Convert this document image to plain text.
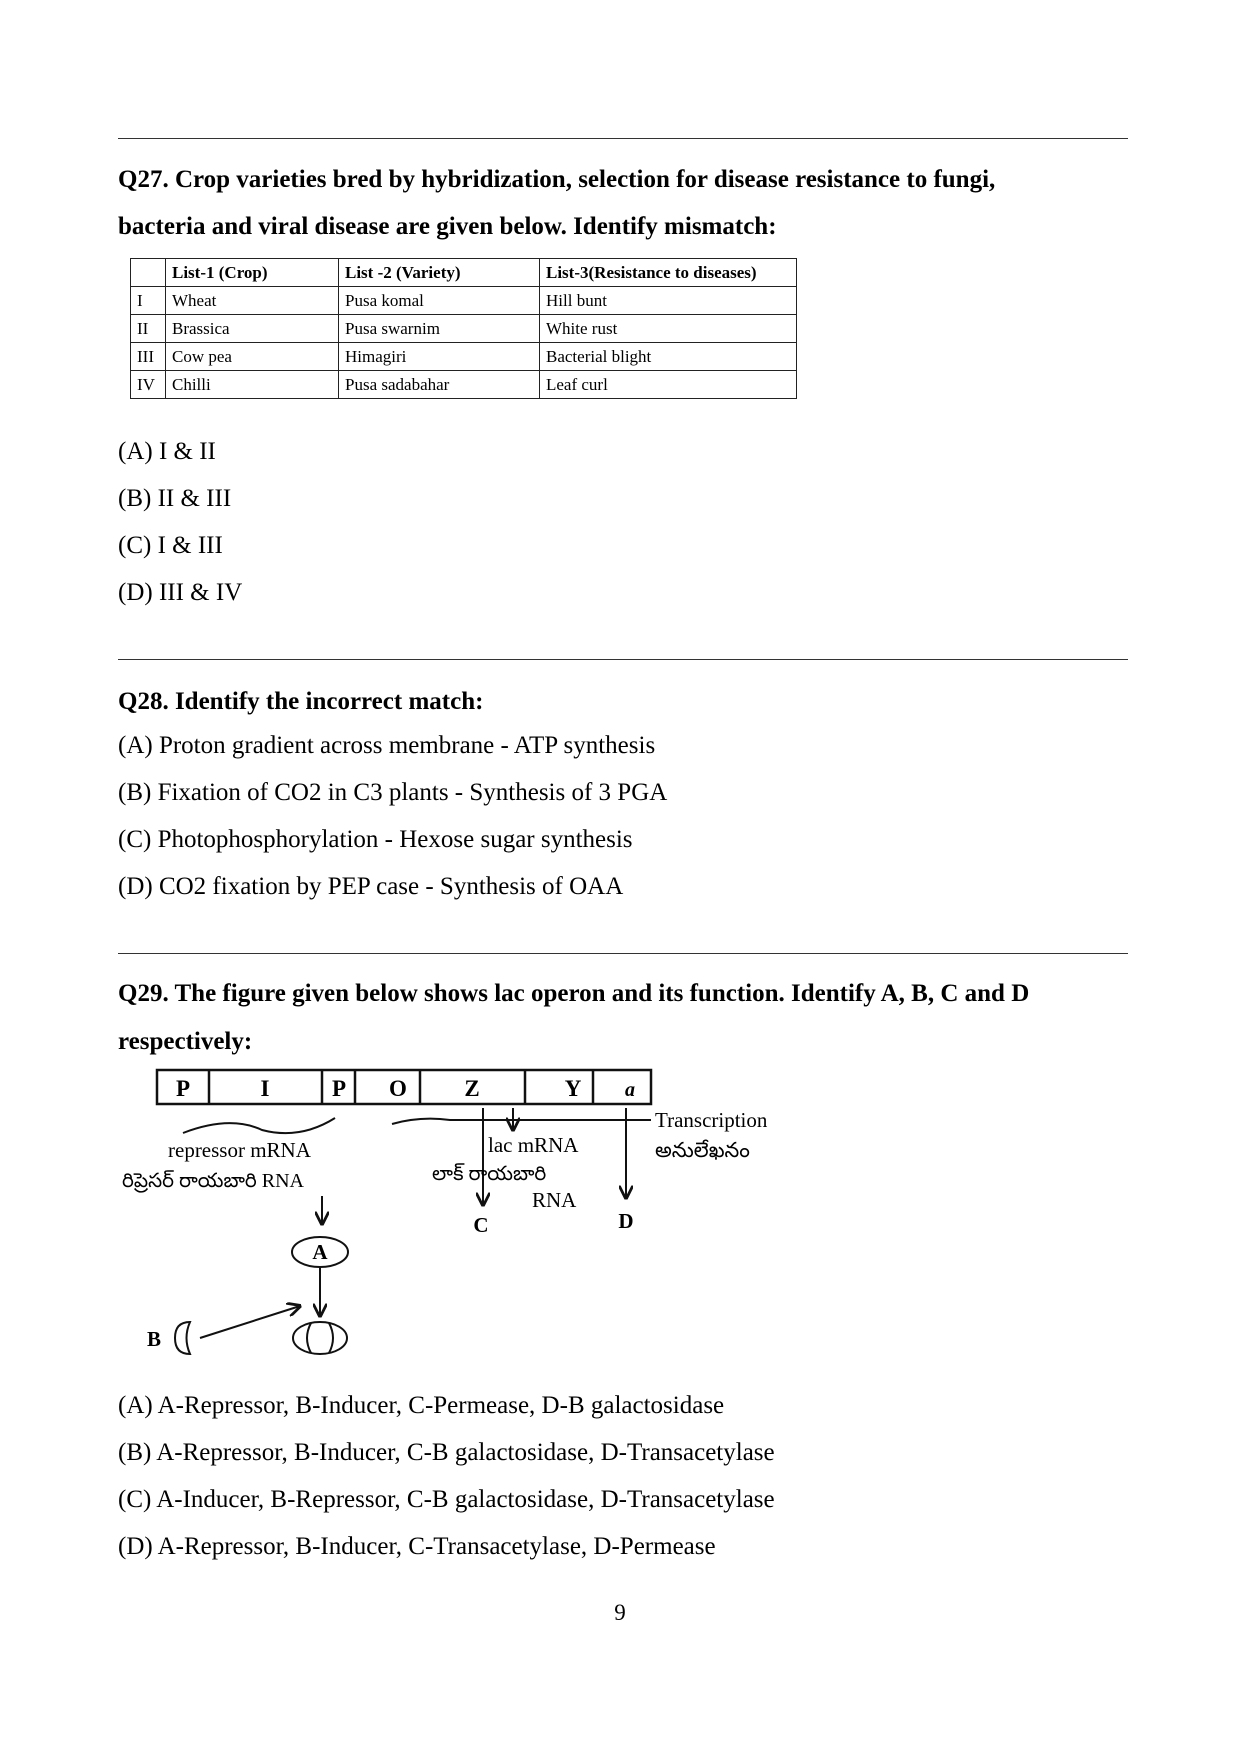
Q27. Crop varieties bred by hybridization, selection for disease resistance to fungi,
bacteria and viral disease are given below. Identify mismatch:
	List-1 (Crop)	List -2 (Variety)	List-3(Resistance to diseases)
I	Wheat	Pusa komal	Hill bunt
II	Brassica	Pusa swarnim	White rust
III	Cow pea	Himagiri	Bacterial blight
IV	Chilli	Pusa sadabahar	Leaf curl
(A) I & II
(B) II & III
(C) I & III
(D) III & IV
Q28. Identify the incorrect match:
(A) Proton gradient across membrane - ATP synthesis
(B) Fixation of CO2 in C3 plants - Synthesis of 3 PGA
(C) Photophosphorylation - Hexose sugar synthesis
(D) CO2 fixation by PEP case - Synthesis of OAA
Q29. The figure given below shows lac operon and its function. Identify A, B, C and D
respectively:
P	I	P O Z	Y a
Transcription
అనులేఖనం
repressor mRNA
రిప్రెసర్ రాయబారి RNA
lac mRNA
లాక్ రాయబారి
RNA
A
B
C	D
(A) A-Repressor, B-Inducer, C-Permease, D-B galactosidase
(B) A-Repressor, B-Inducer, C-B galactosidase, D-Transacetylase
(C) A-Inducer, B-Repressor, C-B galactosidase, D-Transacetylase
(D) A-Repressor, B-Inducer, C-Transacetylase, D-Permease
9
